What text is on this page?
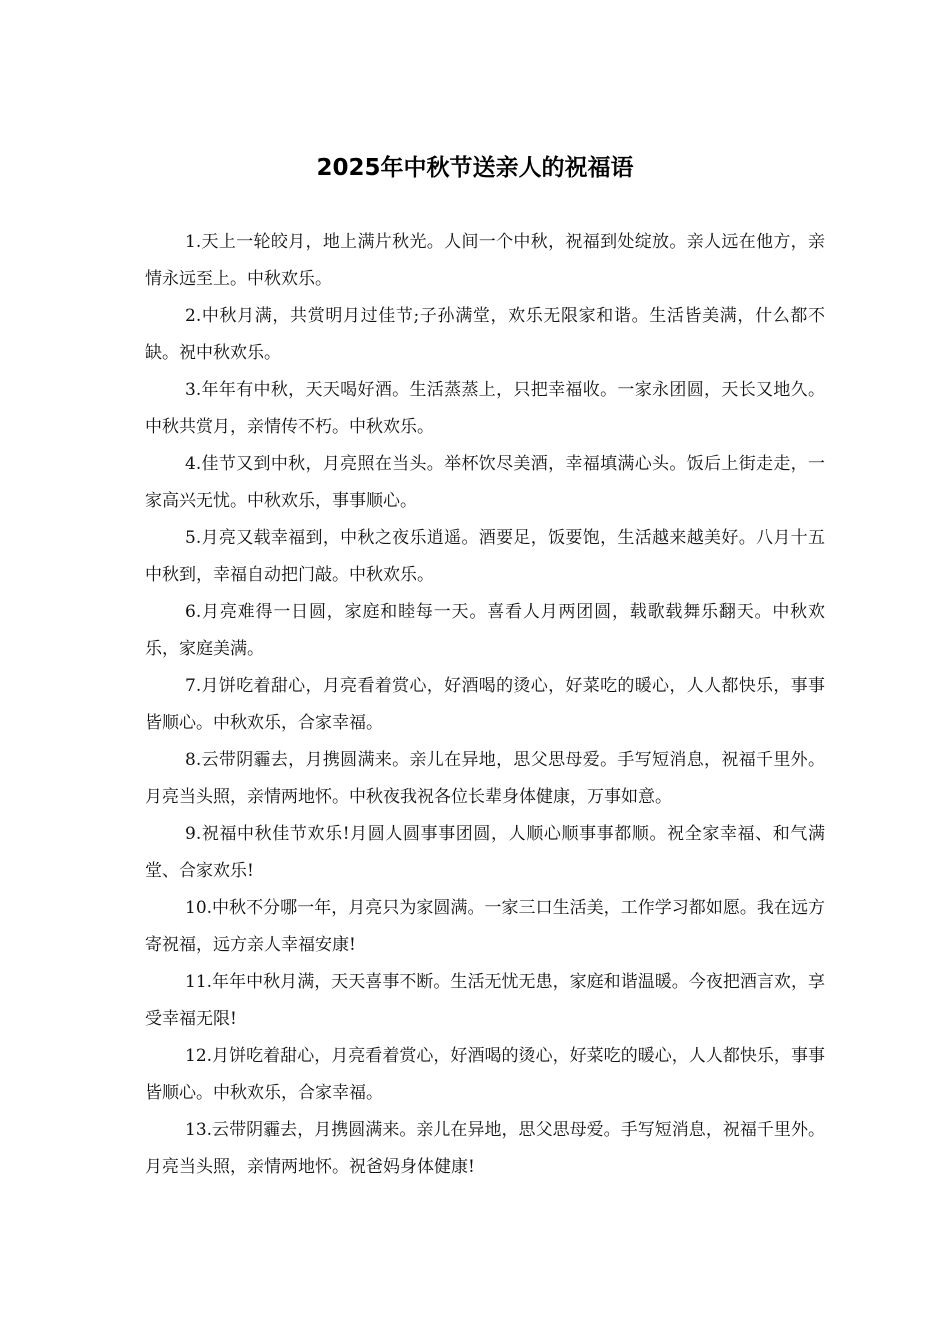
2025年中秋节送亲人的祝福语

1.天上一轮皎月，地上满片秋光。人间一个中秋，祝福到处绽放。亲人远在他方，亲情永远至上。中秋欢乐。

2.中秋月满，共赏明月过佳节;子孙满堂，欢乐无限家和谐。生活皆美满，什么都不缺。祝中秋欢乐。

3.年年有中秋，天天喝好酒。生活蒸蒸上，只把幸福收。一家永团圆，天长又地久。中秋共赏月，亲情传不朽。中秋欢乐。

4.佳节又到中秋，月亮照在当头。举杯饮尽美酒，幸福填满心头。饭后上街走走，一家高兴无忧。中秋欢乐，事事顺心。

5.月亮又载幸福到，中秋之夜乐逍遥。酒要足，饭要饱，生活越来越美好。八月十五中秋到，幸福自动把门敲。中秋欢乐。

6.月亮难得一日圆，家庭和睦每一天。喜看人月两团圆，载歌载舞乐翻天。中秋欢乐，家庭美满。

7.月饼吃着甜心，月亮看着赏心，好酒喝的烫心，好菜吃的暖心，人人都快乐，事事皆顺心。中秋欢乐，合家幸福。

8.云带阴霾去，月携圆满来。亲儿在异地，思父思母爱。手写短消息，祝福千里外。月亮当头照，亲情两地怀。中秋夜我祝各位长辈身体健康，万事如意。

9.祝福中秋佳节欢乐!月圆人圆事事团圆，人顺心顺事事都顺。祝全家幸福、和气满堂、合家欢乐!

10.中秋不分哪一年，月亮只为家圆满。一家三口生活美，工作学习都如愿。我在远方寄祝福，远方亲人幸福安康!

11.年年中秋月满，天天喜事不断。生活无忧无患，家庭和谐温暖。今夜把酒言欢，享受幸福无限!

12.月饼吃着甜心，月亮看着赏心，好酒喝的烫心，好菜吃的暖心，人人都快乐，事事皆顺心。中秋欢乐，合家幸福。

13.云带阴霾去，月携圆满来。亲儿在异地，思父思母爱。手写短消息，祝福千里外。月亮当头照，亲情两地怀。祝爸妈身体健康!
